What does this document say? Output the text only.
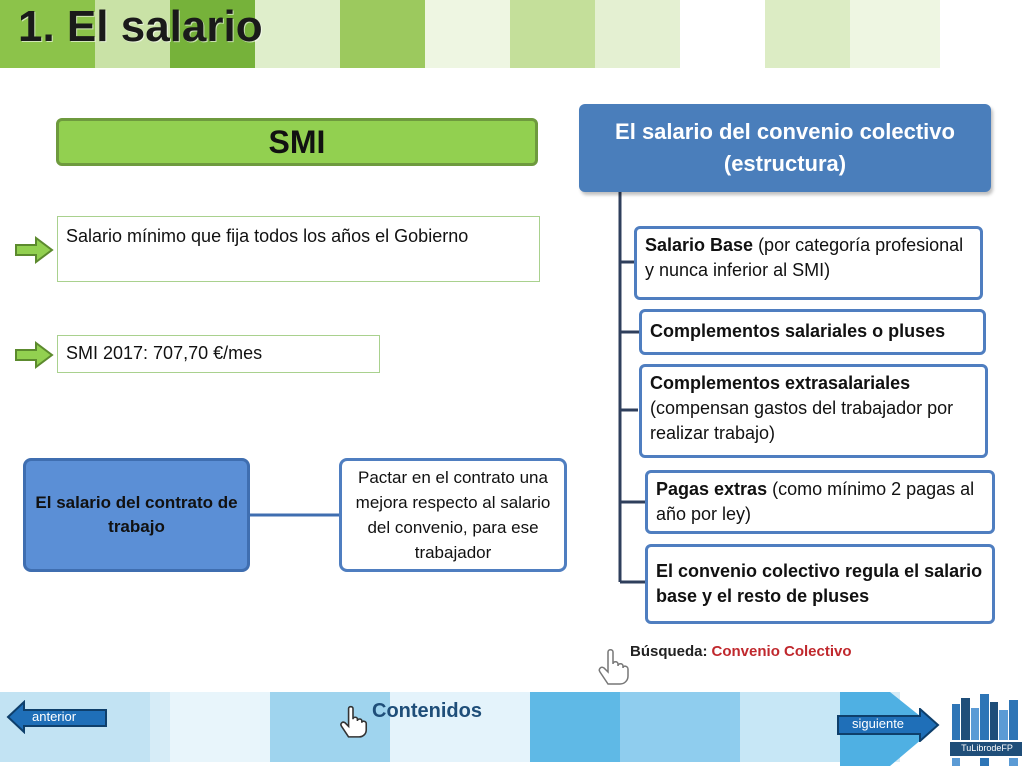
1. El salario
SMI
Salario mínimo que fija todos los años el Gobierno
SMI 2017: 707,70 €/mes
El salario del contrato de trabajo
Pactar en el contrato una mejora respecto al salario del convenio, para ese trabajador
El salario del convenio colectivo (estructura)
Salario Base (por categoría profesional y nunca inferior al SMI)
Complementos salariales o pluses
Complementos extrasalariales (compensan gastos del trabajador por realizar trabajo)
Pagas extras (como mínimo 2 pagas al año por ley)
El convenio colectivo regula el salario base y el resto de pluses
Búsqueda: Convenio Colectivo
anterior	Contenidos
siguiente
TuLibrodeFP
